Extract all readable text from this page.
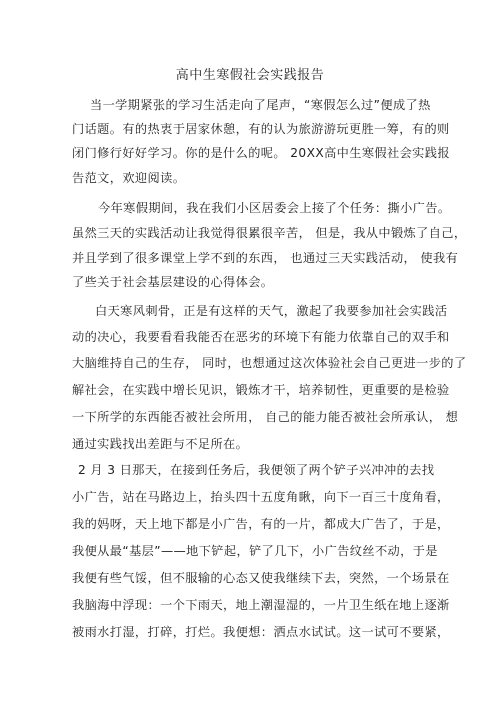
高中生寒假社会实践报告
当一学期紧张的学习生活走向了尾声，“寒假怎么过”便成了热
门话题。有的热衷于居家休憩，有的认为旅游游玩更胜一筹，有的则
闭门修行好好学习。你的是什么的呢。 20XX高中生寒假社会实践报
告范文，欢迎阅读。
今年寒假期间，我在我们小区居委会上接了个任务：撕小广告。
虽然三天的实践活动让我觉得很累很辛苦， 但是，我从中锻炼了自己，
并且学到了很多课堂上学不到的东西， 也通过三天实践活动， 使我有
了些关于社会基层建设的心得体会。
白天寒风刺骨，正是有这样的天气，激起了我要参加社会实践活
动的决心，我要看看我能否在恶劣的环境下有能力依靠自己的双手和
大脑维持自己的生存， 同时，也想通过这次体验社会自己更进一步的了
解社会，在实践中增长见识，锻炼才干，培养韧性，更重要的是检验
一下所学的东西能否被社会所用， 自己的能力能否被社会所承认， 想
通过实践找出差距与不足所在。
2 月 3 日那天，在接到任务后，我便领了两个铲子兴冲冲的去找
小广告，站在马路边上，抬头四十五度角瞅，向下一百三十度角看，
我的妈呀，天上地下都是小广告，有的一片，都成大广告了，于是，
我便从最“基层”——地下铲起，铲了几下，小广告纹丝不动，于是
我便有些气馁，但不服输的心态又使我继续下去，突然，一个场景在
我脑海中浮现：一个下雨天，地上潮湿湿的，一片卫生纸在地上逐渐
被雨水打湿，打碎，打烂。我便想：洒点水试试。这一试可不要紧，
